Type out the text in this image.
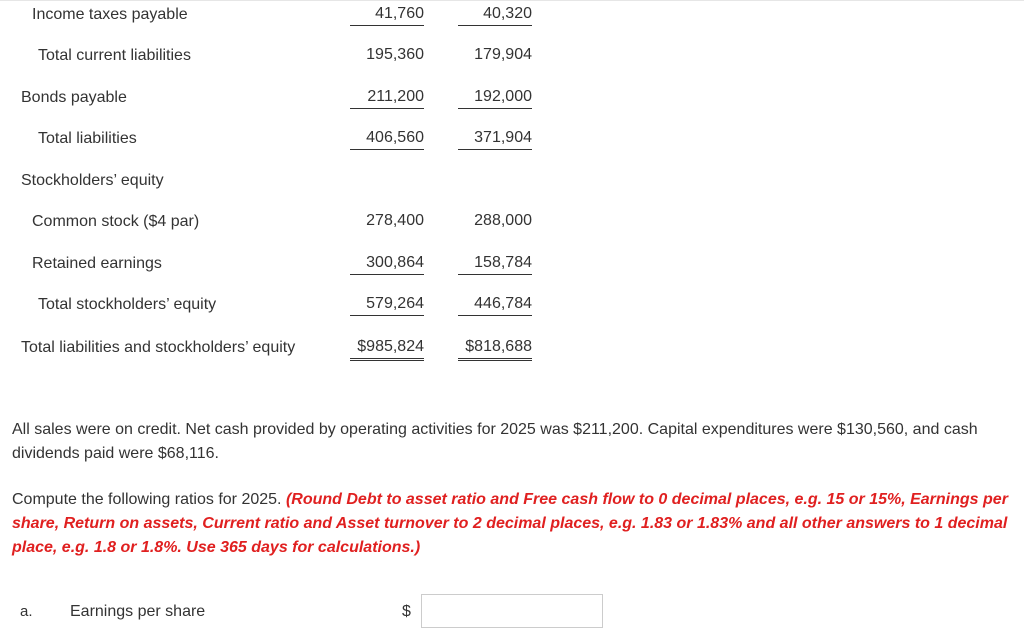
Income taxes payable	41,760	40,320
Total current liabilities	195,360	179,904
Bonds payable	211,200	192,000
Total liabilities	406,560	371,904
Stockholders’ equity
Common stock ($4 par)	278,400	288,000
Retained earnings	300,864	158,784
Total stockholders’ equity	579,264	446,784
Total liabilities and stockholders’ equity	$985,824	$818,688
All sales were on credit. Net cash provided by operating activities for 2025 was $211,200. Capital expenditures were $130,560, and cash dividends paid were $68,116.
Compute the following ratios for 2025. (Round Debt to asset ratio and Free cash flow to 0 decimal places, e.g. 15 or 15%, Earnings per share, Return on assets, Current ratio and Asset turnover to 2 decimal places, e.g. 1.83 or 1.83% and all other answers to 1 decimal place, e.g. 1.8 or 1.8%. Use 365 days for calculations.)
a. Earnings per share	$
